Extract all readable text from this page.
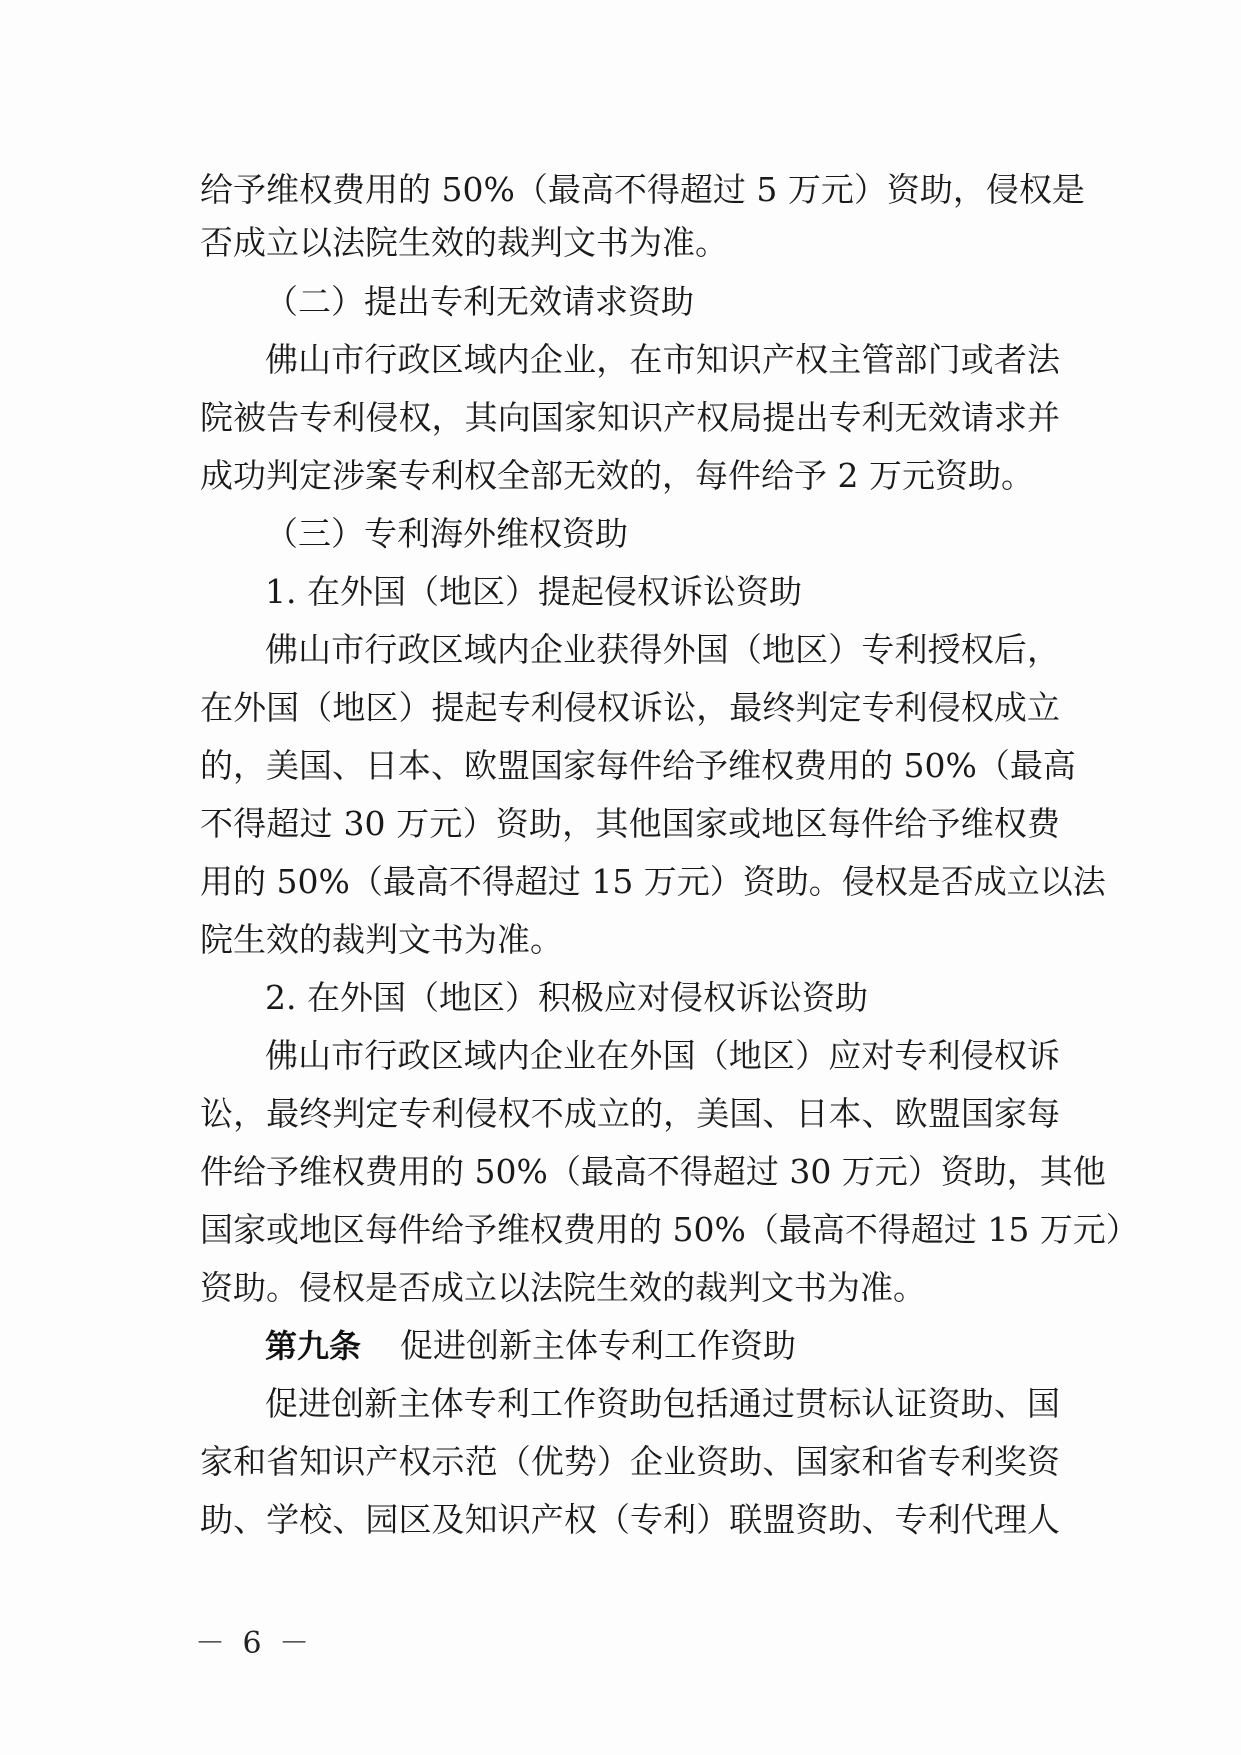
给予维权费用的 50%（最高不得超过 5 万元）资助，侵权是

否成立以法院生效的裁判文书为准。

（二）提出专利无效请求资助

佛山市行政区域内企业，在市知识产权主管部门或者法

院被告专利侵权，其向国家知识产权局提出专利无效请求并

成功判定涉案专利权全部无效的，每件给予 2 万元资助。

（三）专利海外维权资助

1. 在外国（地区）提起侵权诉讼资助

佛山市行政区域内企业获得外国（地区）专利授权后，

在外国（地区）提起专利侵权诉讼，最终判定专利侵权成立

的，美国、日本、欧盟国家每件给予维权费用的 50%（最高

不得超过 30 万元）资助，其他国家或地区每件给予维权费

用的 50%（最高不得超过 15 万元）资助。侵权是否成立以法

院生效的裁判文书为准。

2. 在外国（地区）积极应对侵权诉讼资助

佛山市行政区域内企业在外国（地区）应对专利侵权诉

讼，最终判定专利侵权不成立的，美国、日本、欧盟国家每

件给予维权费用的 50%（最高不得超过 30 万元）资助，其他

国家或地区每件给予维权费用的 50%（最高不得超过 15 万元）

资助。侵权是否成立以法院生效的裁判文书为准。

第九条 促进创新主体专利工作资助

促进创新主体专利工作资助包括通过贯标认证资助、国

家和省知识产权示范（优势）企业资助、国家和省专利奖资

助、学校、园区及知识产权（专利）联盟资助、专利代理人

－ 6 －
